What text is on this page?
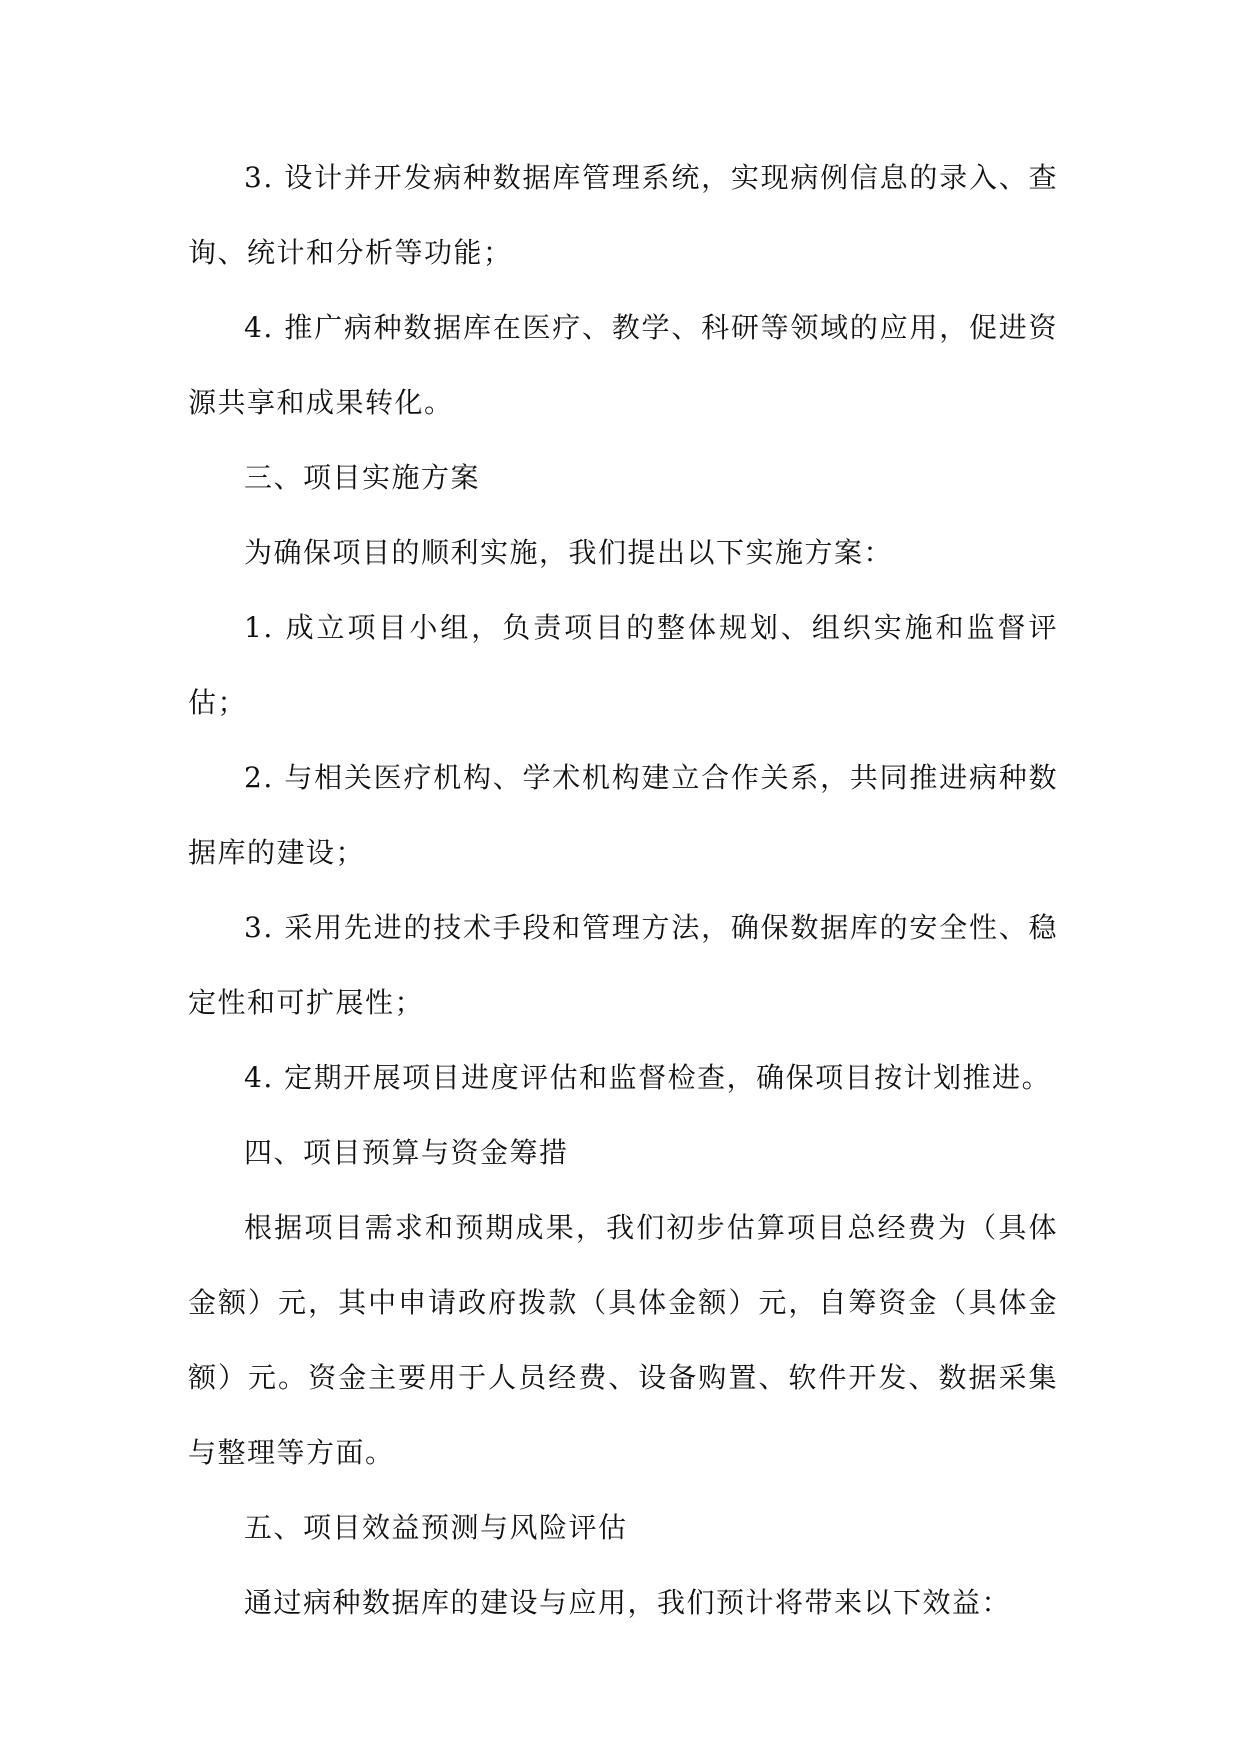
3. 设计并开发病种数据库管理系统，实现病例信息的录入、查询、统计和分析等功能；

4. 推广病种数据库在医疗、教学、科研等领域的应用，促进资源共享和成果转化。

三、项目实施方案

为确保项目的顺利实施，我们提出以下实施方案：

1. 成立项目小组，负责项目的整体规划、组织实施和监督评估；

2. 与相关医疗机构、学术机构建立合作关系，共同推进病种数据库的建设；

3. 采用先进的技术手段和管理方法，确保数据库的安全性、稳定性和可扩展性；

4. 定期开展项目进度评估和监督检查，确保项目按计划推进。

四、项目预算与资金筹措

根据项目需求和预期成果，我们初步估算项目总经费为（具体金额）元，其中申请政府拨款（具体金额）元，自筹资金（具体金额）元。资金主要用于人员经费、设备购置、软件开发、数据采集与整理等方面。

五、项目效益预测与风险评估

通过病种数据库的建设与应用，我们预计将带来以下效益：
